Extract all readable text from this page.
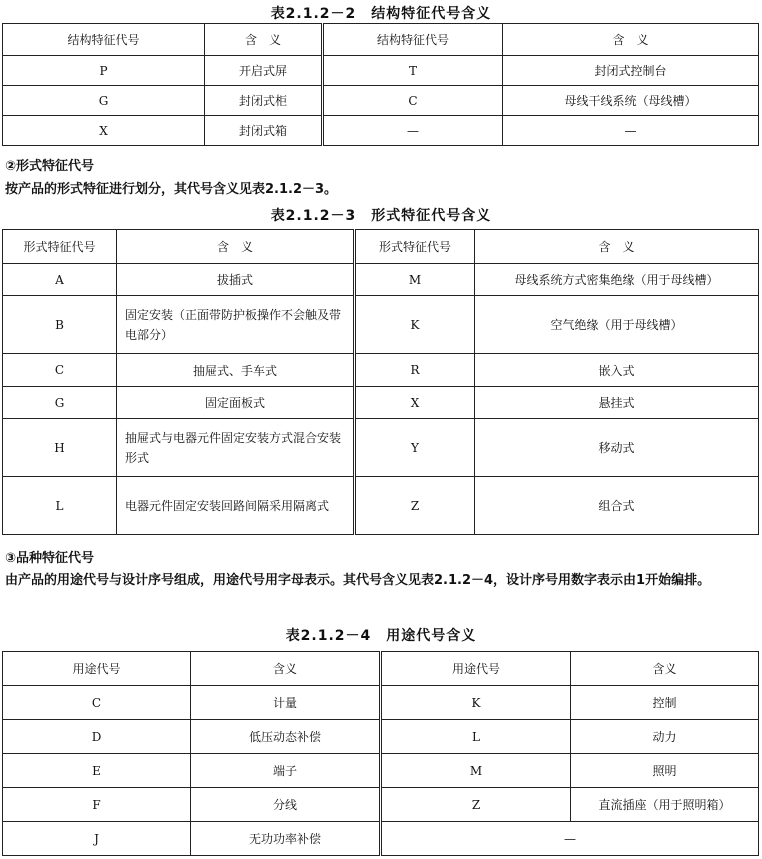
表2.1.2－2　结构特征代号含义
结构特征代号	含　义	结构特征代号	含　义
P	开启式屏	T	封闭式控制台
G	封闭式柜	C	母线干线系统（母线槽）
X	封闭式箱	—	—
②形式特征代号
按产品的形式特征进行划分，其代号含义见表2.1.2－3。
表2.1.2－3　形式特征代号含义
形式特征代号	含　义	形式特征代号	含　义
A	拔插式	M	母线系统方式密集绝缘（用于母线槽）
B	固定安装（正面带防护板操作不会触及带电部分）	K	空气绝缘（用于母线槽）
C	抽屉式、手车式	R	嵌入式
G	固定面板式	X	悬挂式
H	抽屉式与电器元件固定安装方式混合安装形式	Y	移动式
L	电器元件固定安装回路间隔采用隔离式	Z	组合式
③品种特征代号
由产品的用途代号与设计序号组成，用途代号用字母表示。其代号含义见表2.1.2－4，设计序号用数字表示由1开始编排。
表2.1.2－4　用途代号含义
用途代号	含义	用途代号	含义
C	计量	K	控制
D	低压动态补偿	L	动力
E	端子	M	照明
F	分线	Z	直流插座（用于照明箱）
J	无功功率补偿	—	
